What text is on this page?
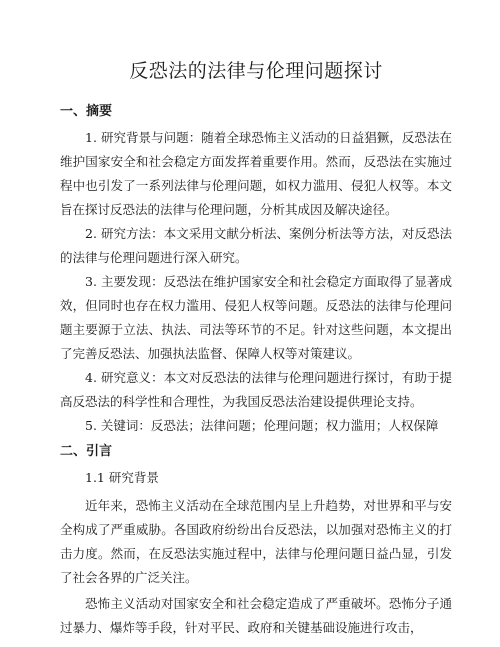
反恐法的法律与伦理问题探讨
一、摘要

1. 研究背景与问题：随着全球恐怖主义活动的日益猖獗，反恐法在维护国家安全和社会稳定方面发挥着重要作用。然而，反恐法在实施过程中也引发了一系列法律与伦理问题，如权力滥用、侵犯人权等。本文旨在探讨反恐法的法律与伦理问题，分析其成因及解决途径。

2. 研究方法：本文采用文献分析法、案例分析法等方法，对反恐法的法律与伦理问题进行深入研究。

3. 主要发现：反恐法在维护国家安全和社会稳定方面取得了显著成效，但同时也存在权力滥用、侵犯人权等问题。反恐法的法律与伦理问题主要源于立法、执法、司法等环节的不足。针对这些问题，本文提出了完善反恐法、加强执法监督、保障人权等对策建议。

4. 研究意义：本文对反恐法的法律与伦理问题进行探讨，有助于提高反恐法的科学性和合理性，为我国反恐法治建设提供理论支持。

5. 关键词：反恐法；法律问题；伦理问题；权力滥用；人权保障

二、引言
1.1 研究背景

近年来，恐怖主义活动在全球范围内呈上升趋势，对世界和平与安全构成了严重威胁。各国政府纷纷出台反恐法，以加强对恐怖主义的打击力度。然而，在反恐法实施过程中，法律与伦理问题日益凸显，引发了社会各界的广泛关注。

恐怖主义活动对国家安全和社会稳定造成了严重破坏。恐怖分子通过暴力、爆炸等手段，针对平民、政府和关键基础设施进行攻击，
